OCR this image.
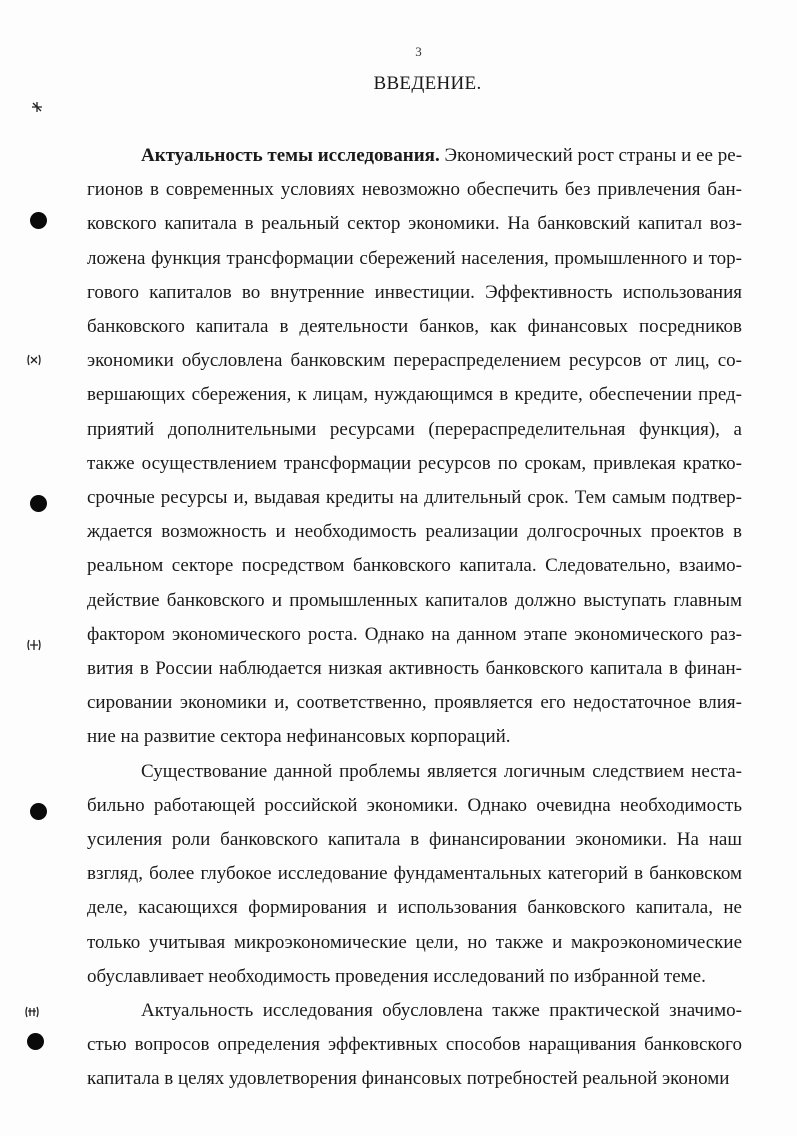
3
ВВЕДЕНИЕ.

Актуальность темы исследования. Экономический рост страны и ее регионов в современных условиях невозможно обеспечить без привлечения банковского капитала в реальный сектор экономики. На банковский капитал возложена функция трансформации сбережений населения, промышленного и торгового капиталов во внутренние инвестиции. Эффективность использования банковского капитала в деятельности банков, как финансовых посредников экономики обусловлена банковским перераспределением ресурсов от лиц, совершающих сбережения, к лицам, нуждающимся в кредите, обеспечении предприятий дополнительными ресурсами (перераспределительная функция), а также осуществлением трансформации ресурсов по срокам, привлекая краткосрочные ресурсы и, выдавая кредиты на длительный срок. Тем самым подтверждается возможность и необходимость реализации долгосрочных проектов в реальном секторе посредством банковского капитала. Следовательно, взаимодействие банковского и промышленных капиталов должно выступать главным фактором экономического роста. Однако на данном этапе экономического развития в России наблюдается низкая активность банковского капитала в финансировании экономики и, соответственно, проявляется его недостаточное влияние на развитие сектора нефинансовых корпораций.

Существование данной проблемы является логичным следствием нестабильно работающей российской экономики. Однако очевидна необходимость усиления роли банковского капитала в финансировании экономики. На наш взгляд, более глубокое исследование фундаментальных категорий в банковском деле, касающихся формирования и использования банковского капитала, не только учитывая микроэкономические цели, но также и макроэкономические обуславливает необходимость проведения исследований по избранной теме.

Актуальность исследования обусловлена также практической значимостью вопросов определения эффективных способов наращивания банковского капитала в целях удовлетворения финансовых потребностей реальной экономи
